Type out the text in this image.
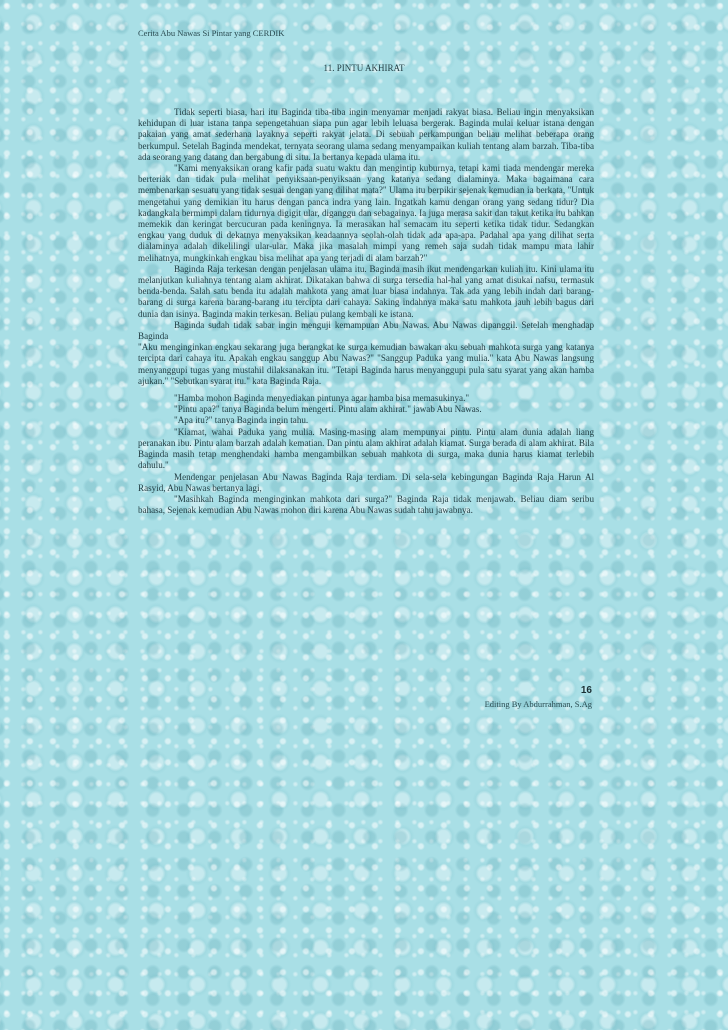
Cerita Abu Nawas Si Pintar yang CERDIK
11. PINTU AKHIRAT

Tidak seperti biasa, hari itu Baginda tiba-tiba ingin menyamar menjadi rakyat biasa. Beliau ingin menyaksikan kehidupan di luar istana tanpa sepengetahuan siapa pun agar lebih leluasa bergerak. Baginda mulai keluar istana dengan pakaian yang amat sederhana layaknya seperti rakyat jelata. Di sebuah perkampungan beliau melihat beberapa orang berkumpul. Setelah Baginda mendekat, ternyata seorang ulama sedang menyampaikan kuliah tentang alam barzah. Tiba-tiba ada seorang yang datang dan bergabung di situ. Ia bertanya kepada ulama itu.

"Kami menyaksikan orang kafir pada suatu waktu dan mengintip kuburnya, tetapi kami tiada mendengar mereka berteriak dan tidak pula melihat penyiksaan-penyiksaan yang katanya sedang dialaminya. Maka bagaimana cara membenarkan sesuatu yang tidak sesuai dengan yang dilihat mata?" Ulama itu berpikir sejenak kemudian ia berkata, "Untuk mengetahui yang demikian itu harus dengan panca indra yang lain. Ingatkah kamu dengan orang yang sedang tidur? Dia kadangkala bermimpi dalam tidurnya digigit ular, diganggu dan sebagainya. Ia juga merasa sakit dan takut ketika itu bahkan memekik dan keringat bercucuran pada keningnya. Ia merasakan hal semacam itu seperti ketika tidak tidur. Sedangkan engkau yang duduk di dekatnya menyaksikan keadaannya seolah-olah tidak ada apa-apa. Padahal apa yang dilihat serta dialaminya adalah dikelilingi ular-ular. Maka jika masalah mimpi yang remeh saja sudah tidak mampu mata lahir melihatnya, mungkinkah engkau bisa melihat apa yang terjadi di alam barzah?"

Baginda Raja terkesan dengan penjelasan ulama itu. Baginda masih ikut mendengarkan kuliah itu. Kini ulama itu melanjutkan kuliahnya tentang alam akhirat. Dikatakan bahwa di surga tersedia hal-hal yang amat disukai nafsu, termasuk benda-benda. Salah satu benda itu adalah mahkota yang amat luar biasa indahnya. Tak ada yang lebih indah dari barang-barang di surga karena barang-barang itu tercipta dari cahaya. Saking indahnya maka satu mahkota jauh lebih bagus dari dunia dan isinya. Baginda makin terkesan. Beliau pulang kembali ke istana.

Baginda sudah tidak sabar ingin menguji kemampuan Abu Nawas. Abu Nawas dipanggil. Setelah menghadap Baginda

"Aku menginginkan engkau sekarang juga berangkat ke surga kemudian bawakan aku sebuah mahkota surga yang katanya tercipta dari cahaya itu. Apakah engkau sanggup Abu Nawas?" "Sanggup Paduka yang mulia." kata Abu Nawas langsung menyanggupi tugas yang mustahil dilaksanakan itu. "Tetapi Baginda harus menyanggupi pula satu syarat yang akan hamba ajukan." "Sebutkan syarat itu." kata Baginda Raja.

"Hamba mohon Baginda menyediakan pintunya agar hamba bisa memasukinya."

"Pintu apa?" tanya Baginda belum mengerti. Pintu alam akhirat." jawab Abu Nawas.

"Apa itu?" tanya Baginda ingin tahu.

"Kiamat, wahai Paduka yang mulia. Masing-masing alam mempunyai pintu. Pintu alam dunia adalah liang peranakan ibu. Pintu alam barzah adalah kematian. Dan pintu alam akhirat adalah kiamat. Surga berada di alam akhirat. Bila Baginda masih tetap menghendaki hamba mengambilkan sebuah mahkota di surga, maka dunia harus kiamat terlebih dahulu."

Mendengar penjelasan Abu Nawas Baginda Raja terdiam. Di sela-sela kebingungan Baginda Raja Harun Al Rasyid, Abu Nawas bertanya lagi,

"Masihkah Baginda menginginkan mahkota dari surga?" Baginda Raja tidak menjawab. Beliau diam seribu bahasa, Sejenak kemudian Abu Nawas mohon diri karena Abu Nawas sudah tahu jawabnya.

16
Editing By Abdurrahman, S.Ag
